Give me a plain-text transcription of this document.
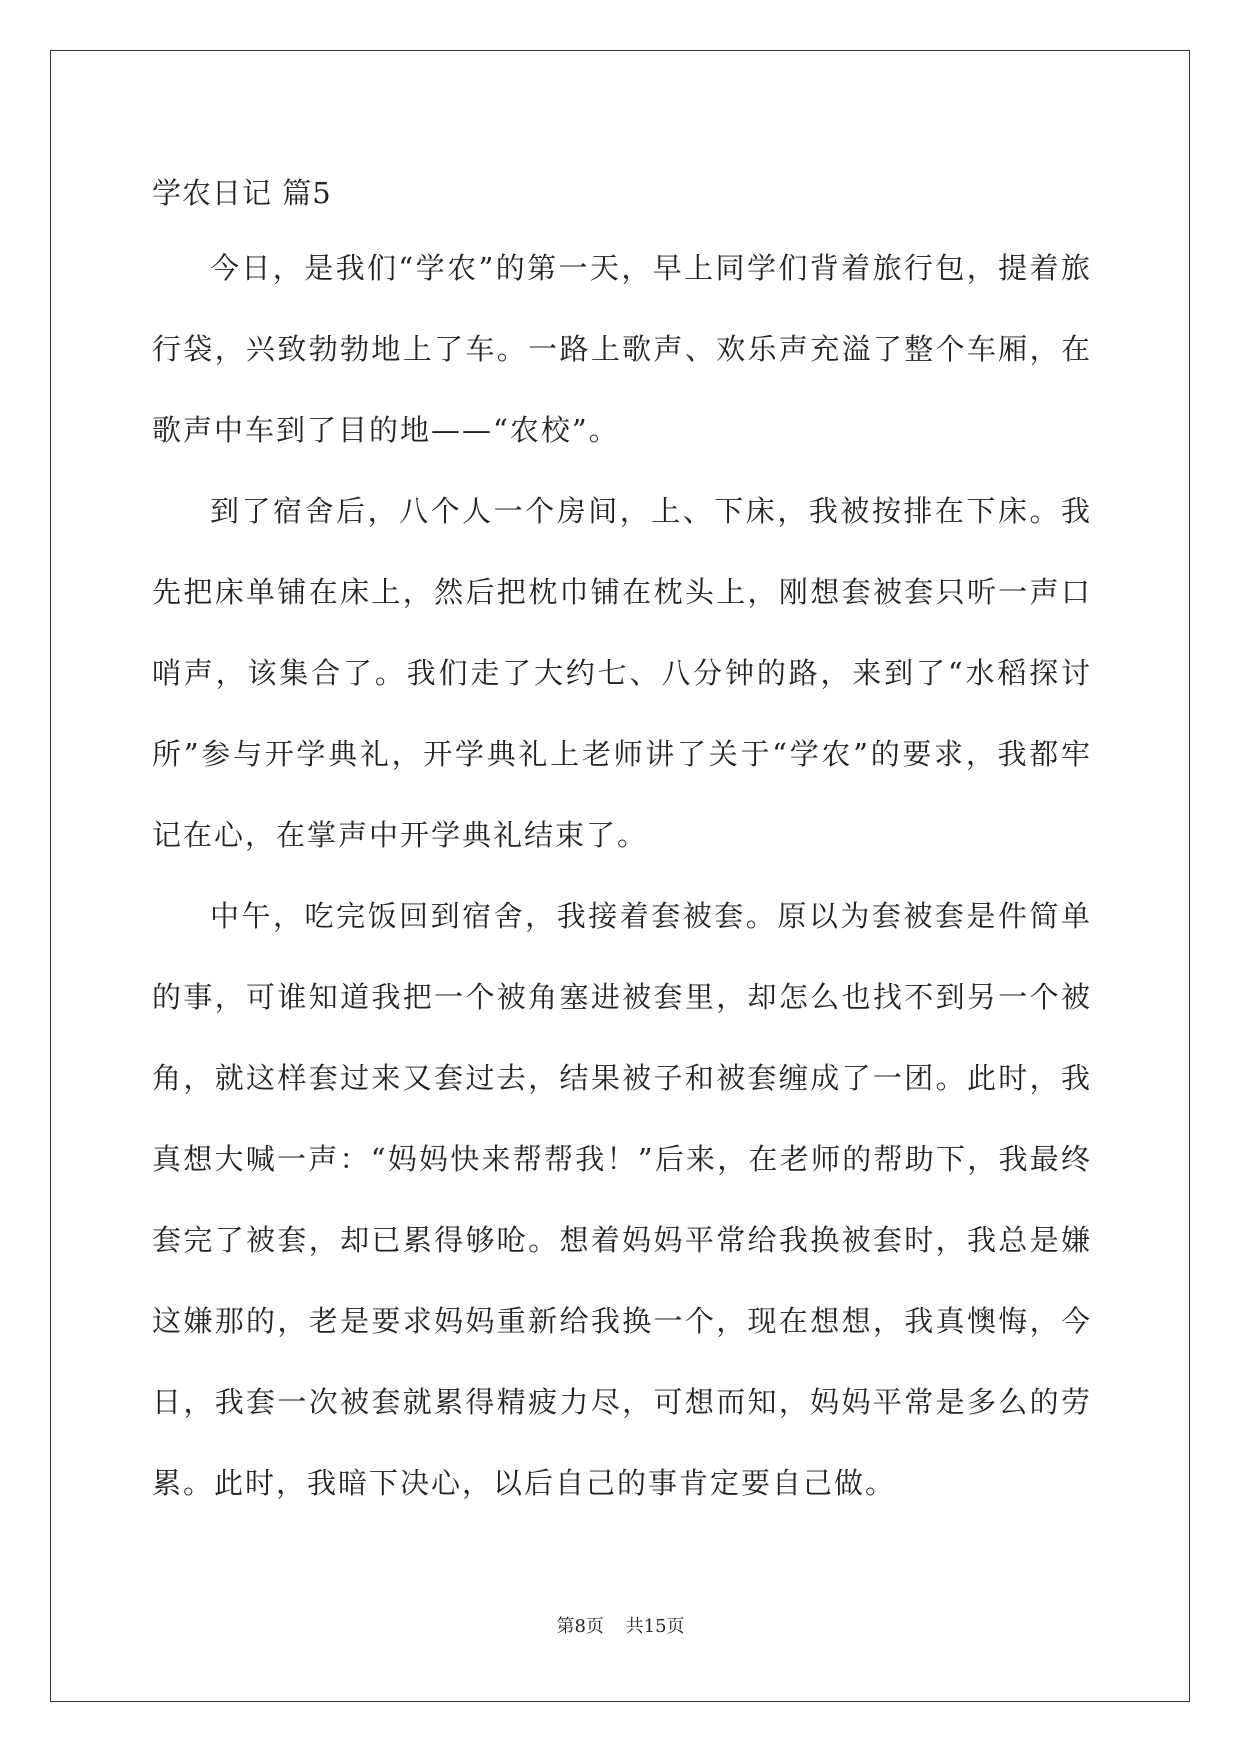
学农日记 篇5

今日，是我们“学农”的第一天，早上同学们背着旅行包，提着旅行袋，兴致勃勃地上了车。一路上歌声、欢乐声充溢了整个车厢，在歌声中车到了目的地——“农校”。

到了宿舍后，八个人一个房间，上、下床，我被按排在下床。我先把床单铺在床上，然后把枕巾铺在枕头上，刚想套被套只听一声口哨声，该集合了。我们走了大约七、八分钟的路，来到了“水稻探讨所”参与开学典礼，开学典礼上老师讲了关于“学农”的要求，我都牢记在心，在掌声中开学典礼结束了。

中午，吃完饭回到宿舍，我接着套被套。原以为套被套是件简单的事，可谁知道我把一个被角塞进被套里，却怎么也找不到另一个被角，就这样套过来又套过去，结果被子和被套缠成了一团。此时，我真想大喊一声：“妈妈快来帮帮我！”后来，在老师的帮助下，我最终套完了被套，却已累得够呛。想着妈妈平常给我换被套时，我总是嫌这嫌那的，老是要求妈妈重新给我换一个，现在想想，我真懊悔，今日，我套一次被套就累得精疲力尽，可想而知，妈妈平常是多么的劳累。此时，我暗下决心，以后自己的事肯定要自己做。

第8页 共15页
